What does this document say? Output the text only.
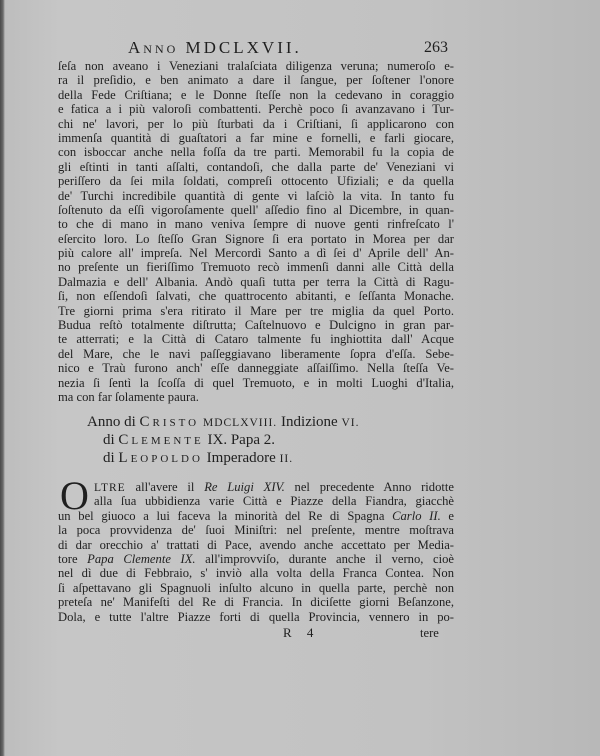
Anno MDCLXVII.	263
ſeſa non aveano i Veneziani tralaſciata diligenza veruna; numeroſo e-
ra il preſidio, e ben animato a dare il ſangue, per ſoſtener l'onore
della Fede Criſtiana; e le Donne ſteſſe non la cedevano in coraggio
e fatica a i più valoroſi combattenti. Perchè poco ſi avanzavano i Tur-
chi ne' lavori, per lo più ſturbati da i Criſtiani, ſi applicarono con
immenſa quantità di guaſtatori a far mine e fornelli, e farli giocare,
con isboccar anche nella foſſa da tre parti. Memorabil fu la copia de
gli eſtinti in tanti aſſalti, contandoſi, che dalla parte de' Veneziani vi
periſſero da ſei mila ſoldati, compreſi ottocento Ufiziali; e da quella
de' Turchi incredibile quantità di gente vi laſciò la vita. In tanto fu
ſoſtenuto da eſſi vigoroſamente quell' aſſedio fino al Dicembre, in quan-
to che di mano in mano veniva ſempre di nuove genti rinfreſcato l'
eſercito loro. Lo ſteſſo Gran Signore ſi era portato in Morea per dar
più calore all' impreſa. Nel Mercordì Santo a dì ſei d' Aprile dell' An-
no preſente un fieriſſimo Tremuoto recò immenſi danni alle Città della
Dalmazia e dell' Albania. Andò quaſi tutta per terra la Città di Ragu-
ſi, non eſſendoſi ſalvati, che quattrocento abitanti, e ſeſſanta Monache.
Tre giorni prima s'era ritirato il Mare per tre miglia da quel Porto.
Budua reſtò totalmente diſtrutta; Caſtelnuovo e Dulcigno in gran par-
te atterrati; e la Città di Cataro talmente fu inghiottita dall' Acque
del Mare, che le navi paſſeggiavano liberamente ſopra d'eſſa. Sebe-
nico e Traù furono anch' eſſe danneggiate aſſaiſſimo. Nella ſteſſa Ve-
nezia ſi ſentì la ſcoſſa di quel Tremuoto, e in molti Luoghi d'Italia,
ma con far ſolamente paura.
Anno di Cristo MDCLXVIII. Indizione VI.
di Clemente IX. Papa 2.
di Leopoldo Imperadore II.
O LTRE all'avere il Re Luigi XIV. nel precedente Anno ridotte
alla ſua ubbidienza varie Città e Piazze della Fiandra, giacchè
un bel giuoco a lui faceva la minorità del Re di Spagna Carlo II. e
la poca provvidenza de' ſuoi Miniſtri: nel preſente, mentre moſtrava
di dar orecchio a' trattati di Pace, avendo anche accettato per Media-
tore Papa Clemente IX. all'improvviſo, durante anche il verno, cioè
nel dì due di Febbraio, s' inviò alla volta della Franca Contea. Non
ſi aſpettavano gli Spagnuoli inſulto alcuno in quella parte, perchè non
preteſa ne' Manifeſti del Re di Francia. In diciſette giorni Beſanzone,
Dola, e tutte l'altre Piazze forti di quella Provincia, vennero in po-
R 4	tere
